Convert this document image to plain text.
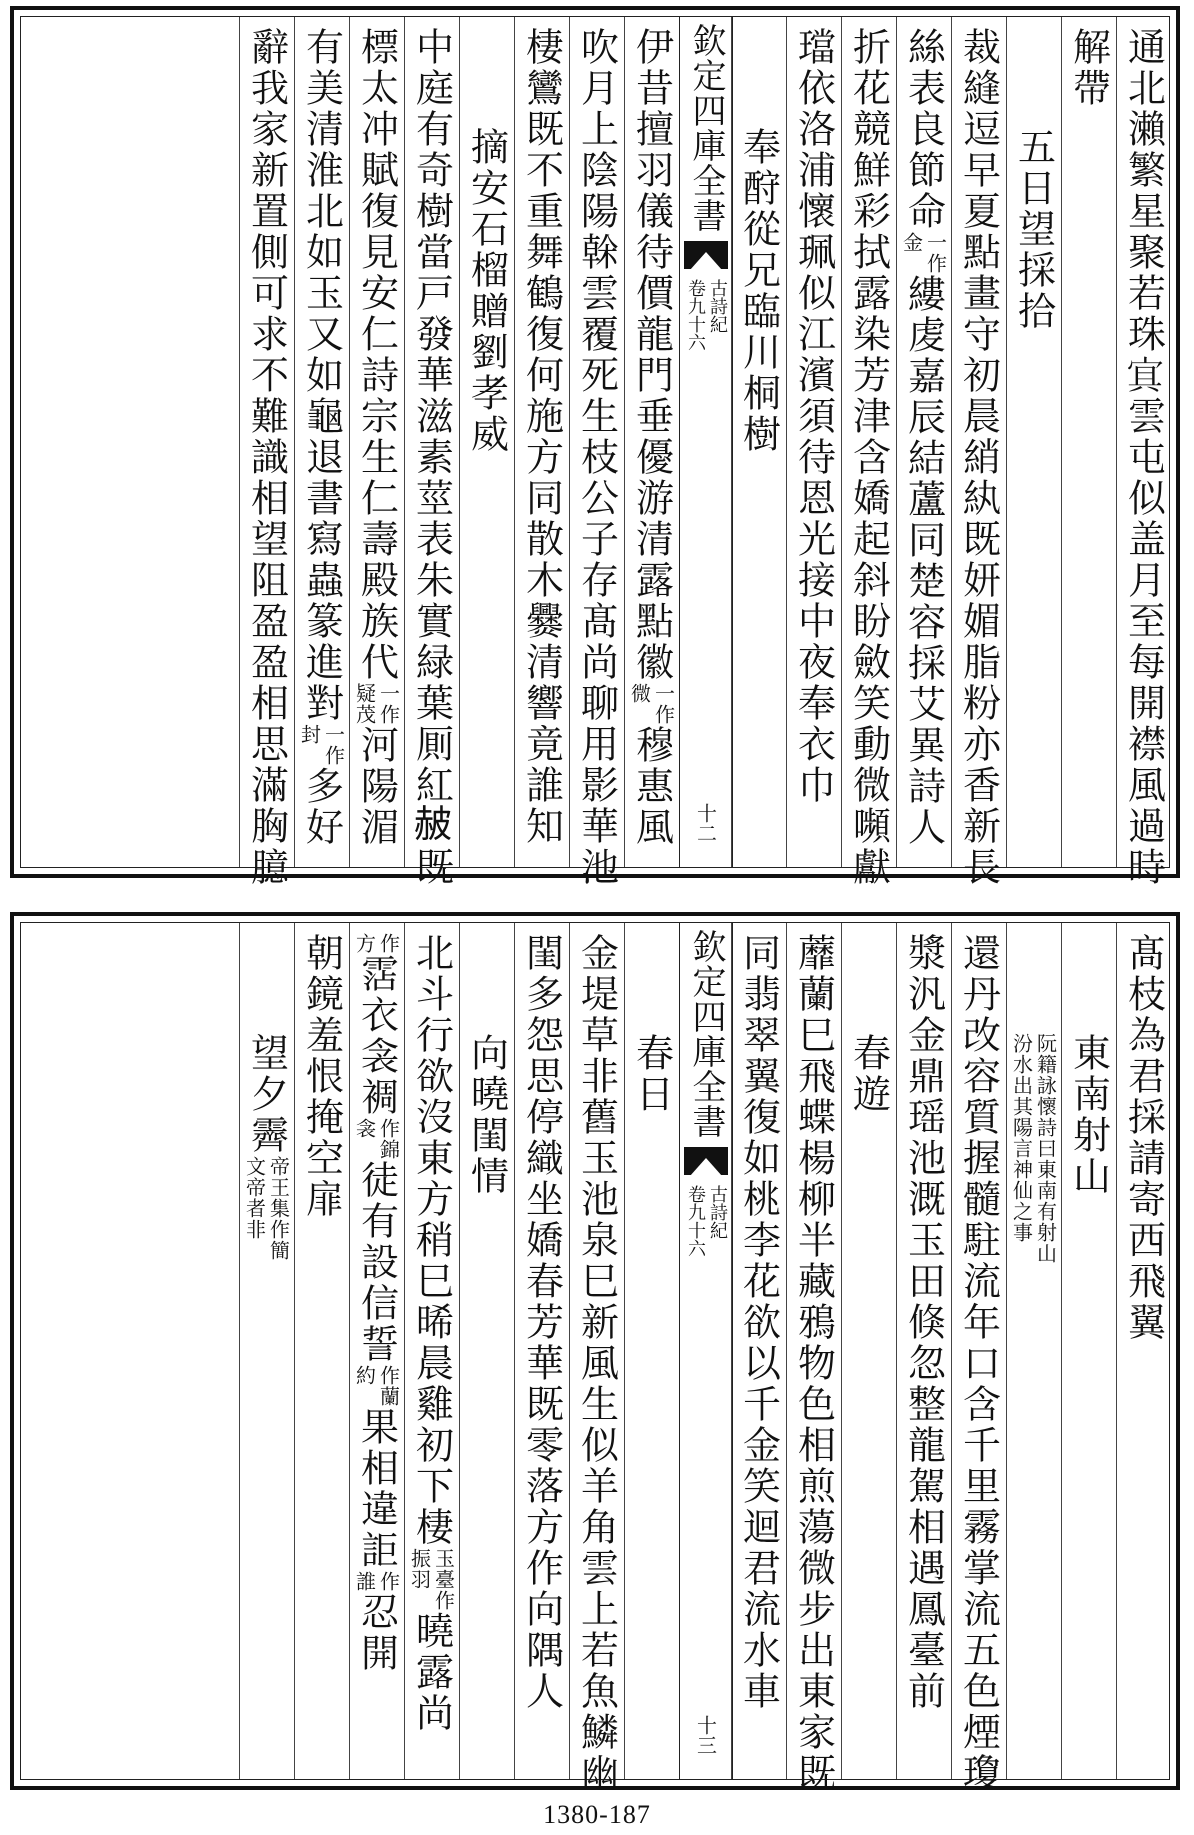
通北瀨繁星聚若珠𡨋雲屯似盖月至每開襟風過時
解帶
五日望採拾
裁縫逗早夏點畫守初晨綃紈既妍媚脂粉亦香新長
絲表良節命
一作
金
縷䖍嘉辰結蘆同楚容採艾異詩人
折花競鮮彩拭露染芳津含嬌起斜盼斂笑動微嚬獻
璫依洛浦懷珮似江濱須待恩光接中夜奉衣巾
奉酧從兄臨川桐樹
欽定四庫全書
古詩紀
卷九十六
十二
伊昔擅羽儀待價龍門垂優游清露點徽
一作
微
穆惠風
吹月上陰陽榦雲覆死生枝公子存髙尚聊用影華池
棲鸞既不重舞鶴復何施方同散木爨清響竟誰知
摘安石榴贈劉孝威
中庭有奇樹當戸發華滋素莖表朱實緑葉厠紅𧹞既
標太冲賦復見安仁詩宗生仁壽殿族代
一作
疑茂
河陽湄
有美清淮北如玉又如龜退書寫蟲篆進對
一作
封
多好
辭我家新置側可求不難識相望阻盈盈相思滿胸臆
髙枝為君採請寄西飛翼
東南射山
阮籍詠懷詩曰東南有射山
汾水出其陽言神仙之事
還丹改容質握髓駐流年口含千里霧掌流五色煙瓊
漿汎金鼎瑶池溉玉田倏忽整龍駕相遇鳳臺前
春遊
蘼蘭巳飛蝶楊柳半藏鴉物色相煎蕩微步出東家既
同翡翠翼復如桃李花欲以千金笑迴君流水車
欽定四庫全書
古詩紀
卷九十六
十三
春日
金堤草非舊玉池泉巳新風生似羊角雲上若魚鱗幽
閨多怨思停織坐嬌春芳華既零落方作向隅人
向曉閨情
北斗行欲沒東方稍巳晞晨雞初下棲
玉臺作
振羽
曉露尚
作
方
霑衣衾裯
作錦
衾
徒有設信誓
作蘭
約
果相違詎
作
誰
忍開
朝鏡羞恨掩空扉
望夕霽
帝王集作簡
文帝者非
1380-187
